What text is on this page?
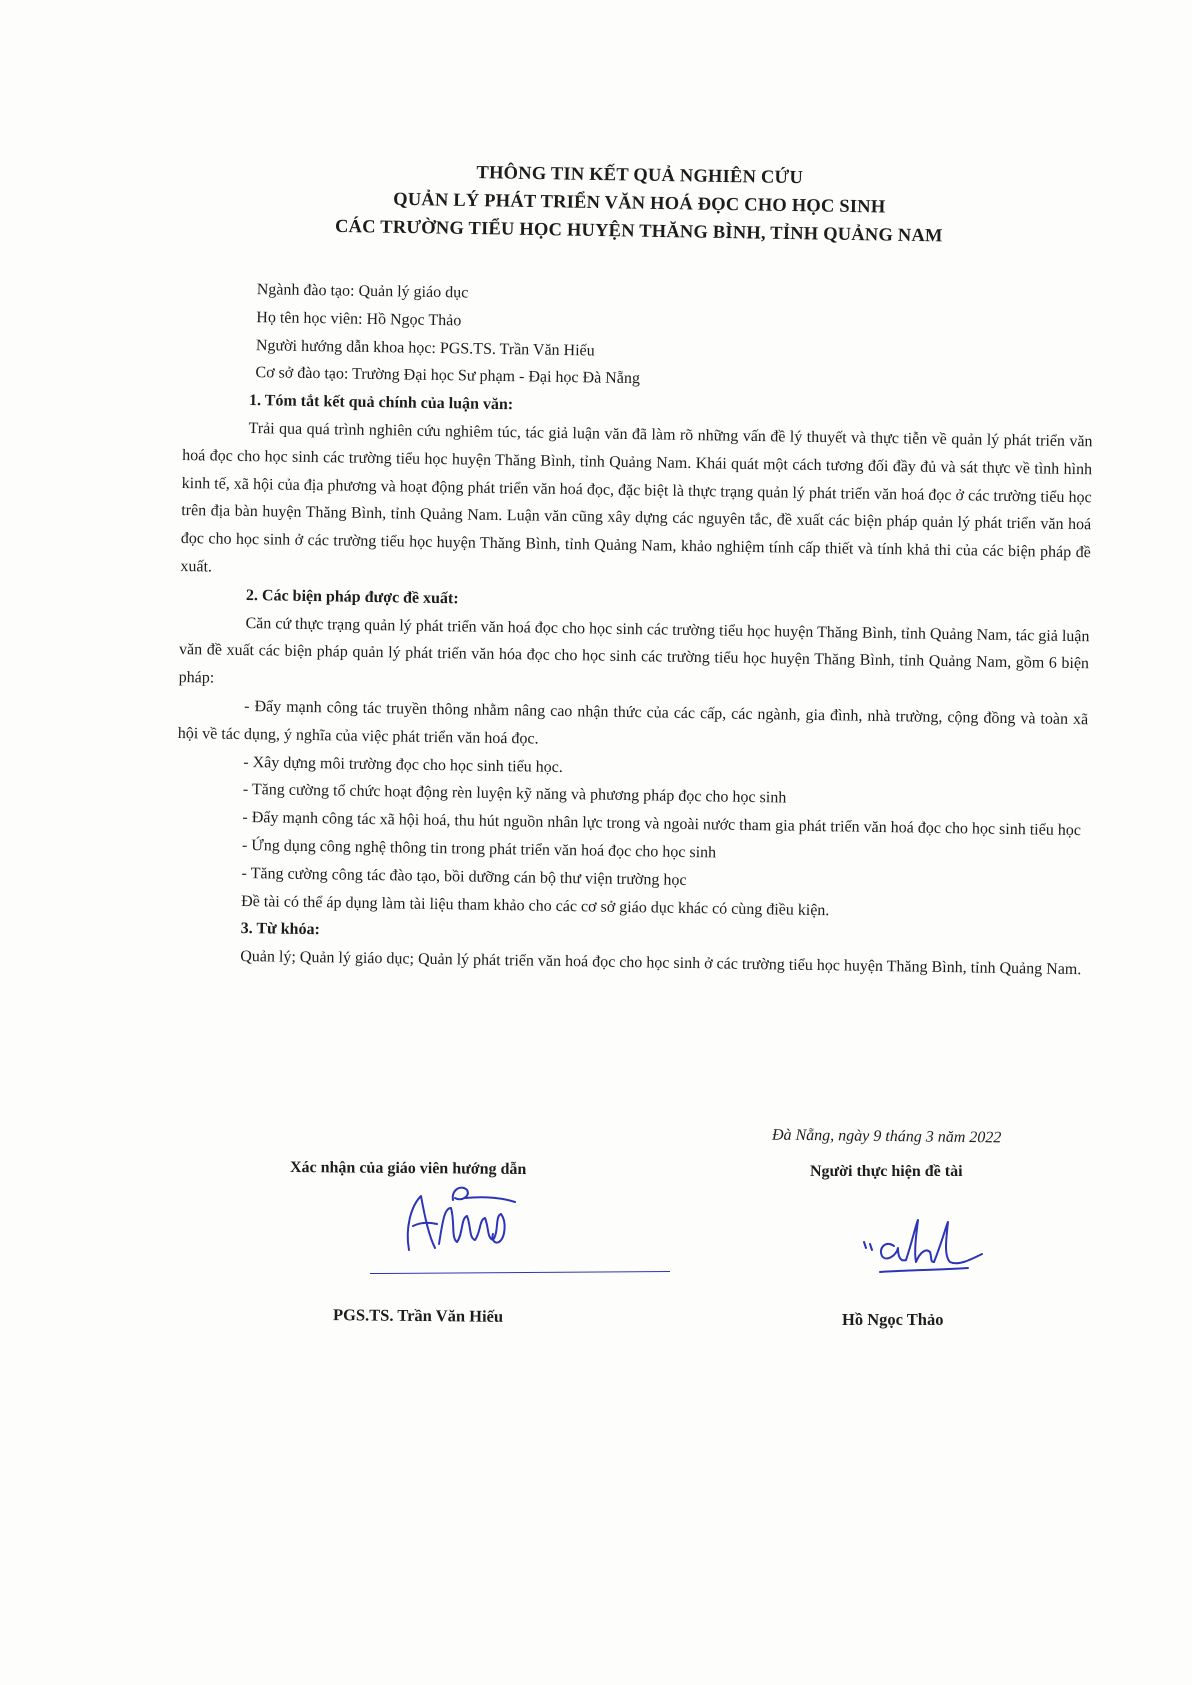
THÔNG TIN KẾT QUẢ NGHIÊN CỨU
QUẢN LÝ PHÁT TRIỂN VĂN HOÁ ĐỌC CHO HỌC SINH
CÁC TRƯỜNG TIỂU HỌC HUYỆN THĂNG BÌNH, TỈNH QUẢNG NAM
Ngành đào tạo: Quản lý giáo dục
Họ tên học viên: Hồ Ngọc Thảo
Người hướng dẫn khoa học: PGS.TS. Trần Văn Hiếu
Cơ sở đào tạo: Trường Đại học Sư phạm - Đại học Đà Nẵng
1. Tóm tắt kết quả chính của luận văn:

Trải qua quá trình nghiên cứu nghiêm túc, tác giả luận văn đã làm rõ những vấn đề lý thuyết và thực tiễn về quản lý phát triển văn hoá đọc cho học sinh các trường tiểu học huyện Thăng Bình, tỉnh Quảng Nam. Khái quát một cách tương đối đầy đủ và sát thực về tình hình kinh tế, xã hội của địa phương và hoạt động phát triển văn hoá đọc, đặc biệt là thực trạng quản lý phát triển văn hoá đọc ở các trường tiểu học trên địa bàn huyện Thăng Bình, tỉnh Quảng Nam. Luận văn cũng xây dựng các nguyên tắc, đề xuất các biện pháp quản lý phát triển văn hoá đọc cho học sinh ở các trường tiểu học huyện Thăng Bình, tỉnh Quảng Nam, khảo nghiệm tính cấp thiết và tính khả thi của các biện pháp đề xuất.

2. Các biện pháp được đề xuất:

Căn cứ thực trạng quản lý phát triển văn hoá đọc cho học sinh các trường tiểu học huyện Thăng Bình, tỉnh Quảng Nam, tác giả luận văn đề xuất các biện pháp quản lý phát triển văn hóa đọc cho học sinh các trường tiểu học huyện Thăng Bình, tỉnh Quảng Nam, gồm 6 biện pháp:

- Đẩy mạnh công tác truyền thông nhằm nâng cao nhận thức của các cấp, các ngành, gia đình, nhà trường, cộng đồng và toàn xã hội về tác dụng, ý nghĩa của việc phát triển văn hoá đọc.

- Xây dựng môi trường đọc cho học sinh tiểu học.

- Tăng cường tổ chức hoạt động rèn luyện kỹ năng và phương pháp đọc cho học sinh

- Đẩy mạnh công tác xã hội hoá, thu hút nguồn nhân lực trong và ngoài nước tham gia phát triển văn hoá đọc cho học sinh tiểu học

- Ứng dụng công nghệ thông tin trong phát triển văn hoá đọc cho học sinh

- Tăng cường công tác đào tạo, bồi dưỡng cán bộ thư viện trường học

Đề tài có thể áp dụng làm tài liệu tham khảo cho các cơ sở giáo dục khác có cùng điều kiện.

3. Từ khóa:

Quản lý; Quản lý giáo dục; Quản lý phát triển văn hoá đọc cho học sinh ở các trường tiểu học huyện Thăng Bình, tỉnh Quảng Nam.

Đà Nẵng, ngày 9 tháng 3 năm 2022
Xác nhận của giáo viên hướng dẫn	Người thực hiện đề tài
PGS.TS. Trần Văn Hiếu	Hồ Ngọc Thảo
